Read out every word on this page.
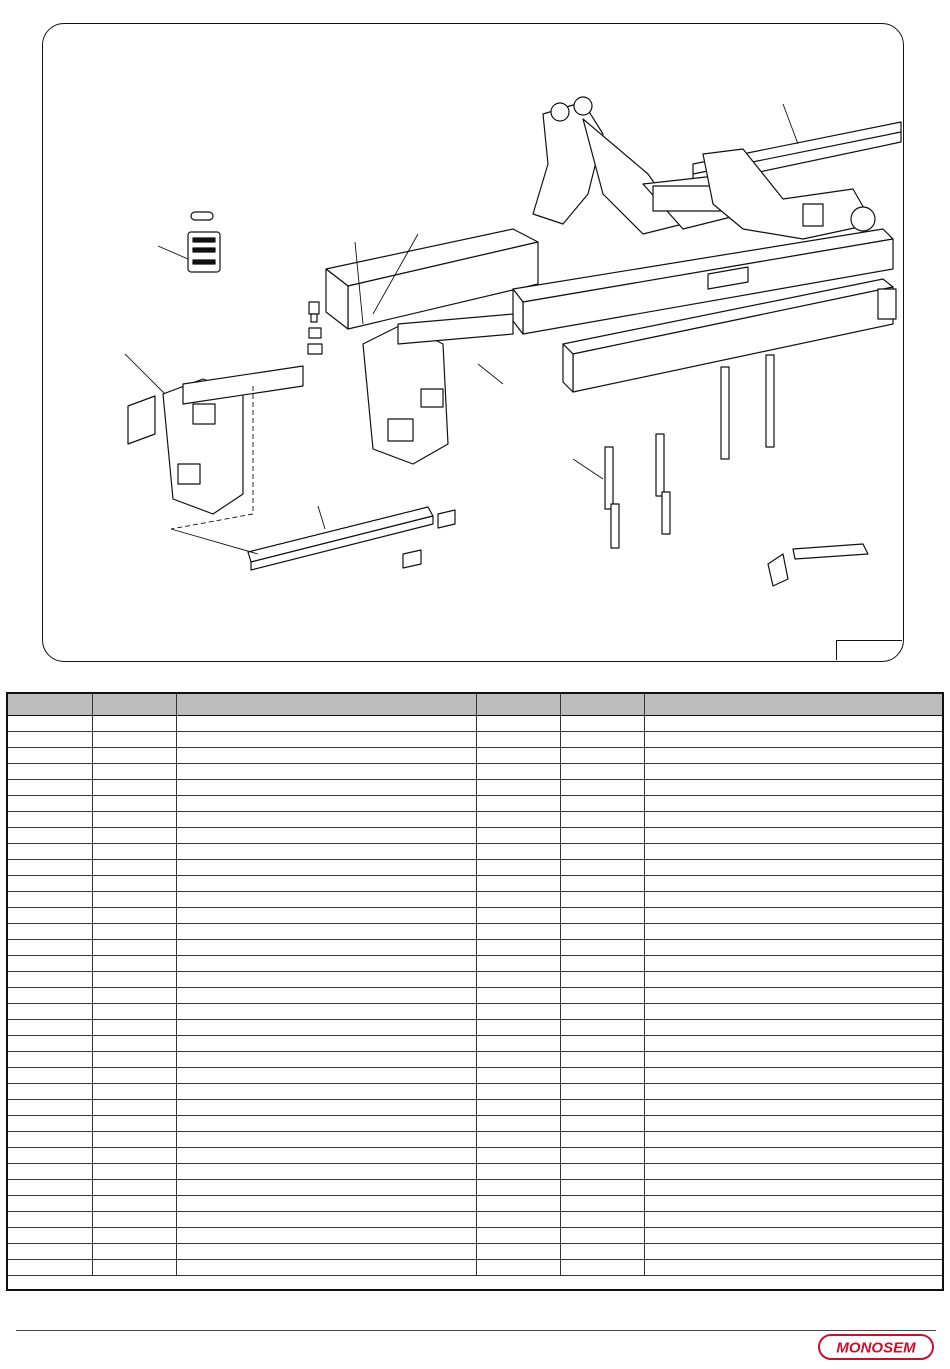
MONOSEM
